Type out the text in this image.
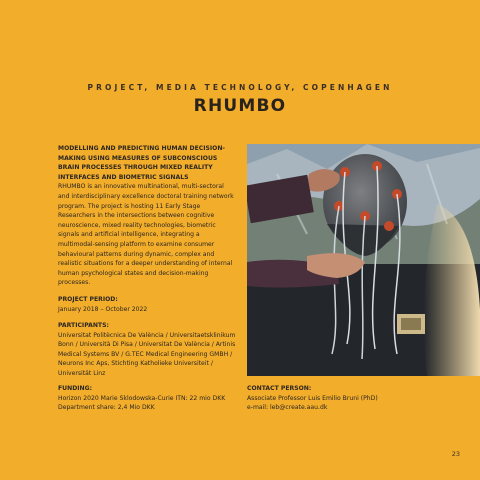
PROJECT, MEDIA TECHNOLOGY, COPENHAGEN
RHUMBO
MODELLING AND PREDICTING HUMAN DECISION-MAKING USING MEASURES OF SUBCONSCIOUS BRAIN PROCESSES THROUGH MIXED REALITY INTERFACES AND BIOMETRIC SIGNALS

RHUMBO is an innovative multinational, multi-sectoral and interdisciplinary excellence doctoral training network program. The project is hosting 11 Early Stage Researchers in the intersections between cognitive neuroscience, mixed reality technologies, biometric signals and artificial intelligence, integrating a multimodal-sensing platform to examine consumer behavioural patterns during dynamic, complex and realistic situations for a deeper understanding of internal human psychological states and decision-making processes.

PROJECT PERIOD:
January 2018 – October 2022
PARTICIPANTS:
Universitat Politècnica De València / Universitaetsklinikum Bonn / Università Di Pisa / Universitat De València / Artinis Medical Systems BV / G.TEC Medical Engineering GMBH / Neurons Inc Aps, Stichting Katholieke Universiteit / Universität Linz
FUNDING:
Horizon 2020 Marie Sklodowska-Curie ITN: 22 mio DKK
Department share: 2,4 Mio DKK
CONTACT PERSON:
Associate Professor Luis Emilio Bruni (PhD)
e-mail: leb@create.aau.dk
23
